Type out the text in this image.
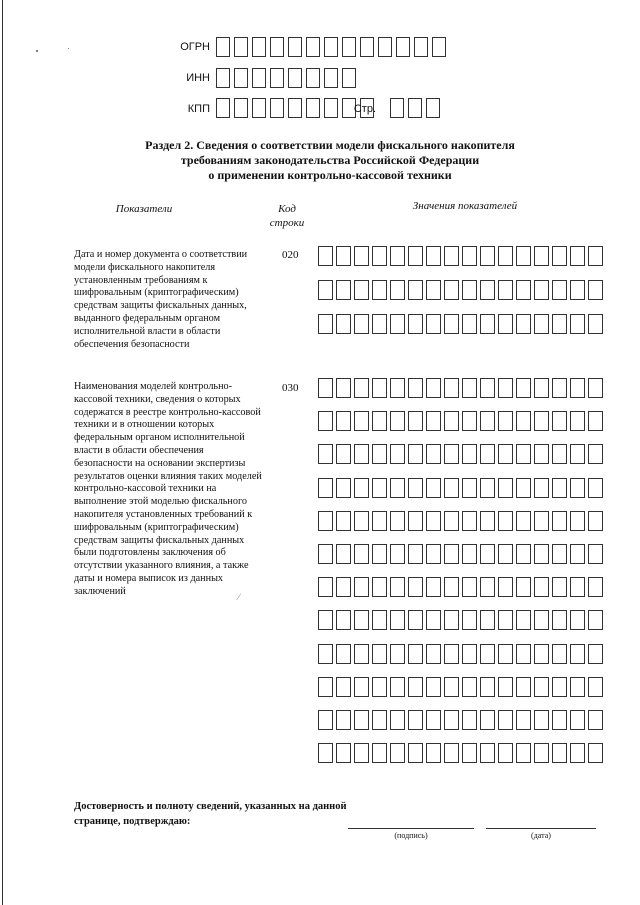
ОГРН
ИНН
КПП	Стр.
Раздел 2. Сведения о соответствии модели фискального накопителя
требованиям законодательства Российской Федерации
о применении контрольно-кассовой техники
Показатели	Код
строки
Значения показателей
Дата и номер документа о соответствии модели фискального накопителя установленным требованиям к шифровальным (криптографическим) средствам защиты фискальных данных, выданного федеральным органом исполнительной власти в области обеспечения безопасности
020
Наименования моделей контрольно-кассовой техники, сведения о которых содержатся в реестре контрольно-кассовой техники и в отношении которых федеральным органом исполнительной власти в области обеспечения безопасности на основании экспертизы результатов оценки влияния таких моделей контрольно-кассовой техники на выполнение этой моделью фискального накопителя установленных требований к шифровальным (криптографическим) средствам защиты фискальных данных были подготовлены заключения об отсутствии указанного влияния, а также даты и номера выписок из данных заключений
030
⁄
Достоверность и полноту сведений, указанных на данной странице, подтверждаю:
(подпись)	(дата)
